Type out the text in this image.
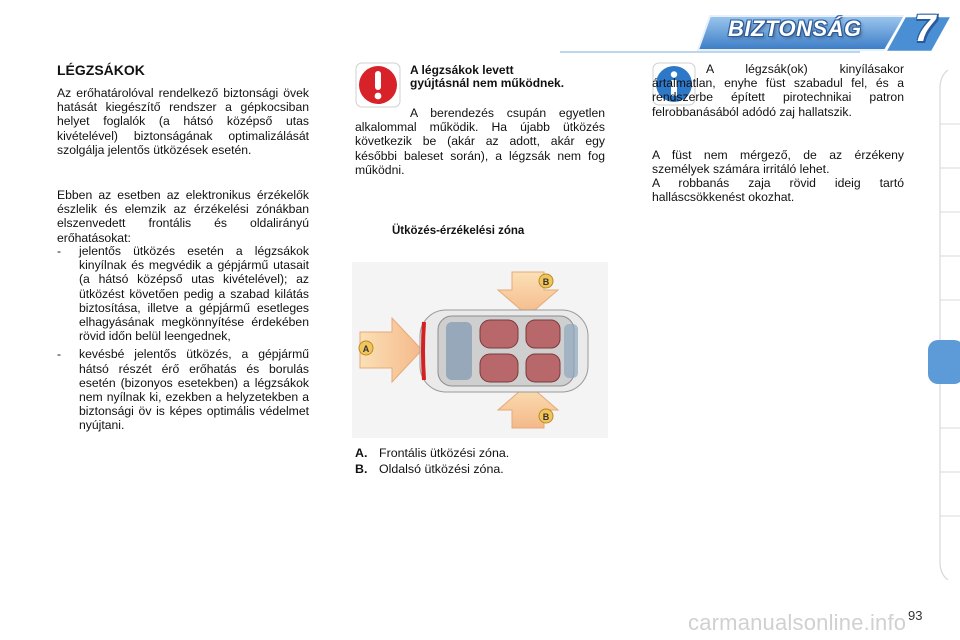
BIZTONSÁG 7
LÉGZSÁKOK

Az erőhatárolóval rendelkező biztonsági övek hatását kiegészítő rendszer a gépkocsiban helyet foglalók (a hátsó középső utas kivételével) biztonságának optimalizálását szolgálja jelentős ütközések esetén.

Ebben az esetben az elektronikus érzékelők észlelik és elemzik az érzékelési zónákban elszenvedett frontális és oldalirányú erőhatásokat:

- jelentős ütközés esetén a légzsákok kinyílnak és megvédik a gépjármű utasait (a hátsó középső utas kivételével); az ütközést követően pedig a szabad kilátás biztosítása, illetve a gépjármű esetleges elhagyásának megkönnyítése érdekében rövid időn belül leengednek,
- kevésbé jelentős ütközés, a gépjármű hátsó részét érő erőhatás és borulás esetén (bizonyos esetekben) a légzsákok nem nyílnak ki, ezekben a helyzetekben a biztonsági öv is képes optimális védelmet nyújtani.
A légzsákok levett gyújtásnál nem működnek.

A berendezés csupán egyetlen alkalommal működik. Ha újabb ütközés következik be (akár az adott, akár egy későbbi baleset során), a légzsák nem fog működni.

Ütközés-érzékelési zóna
A
B
B
A. Frontális ütközési zóna.
B. Oldalsó ütközési zóna.

A légzsák(ok) kinyílásakor ártalmatlan, enyhe füst szabadul fel, és a rendszerbe épített pirotechnikai patron felrobbanásából adódó zaj hallatszik.

A füst nem mérgező, de az érzékeny személyek számára irritáló lehet.

A robbanás zaja rövid ideig tartó halláscsökkenést okozhat.

carmanualsonline.info 93
